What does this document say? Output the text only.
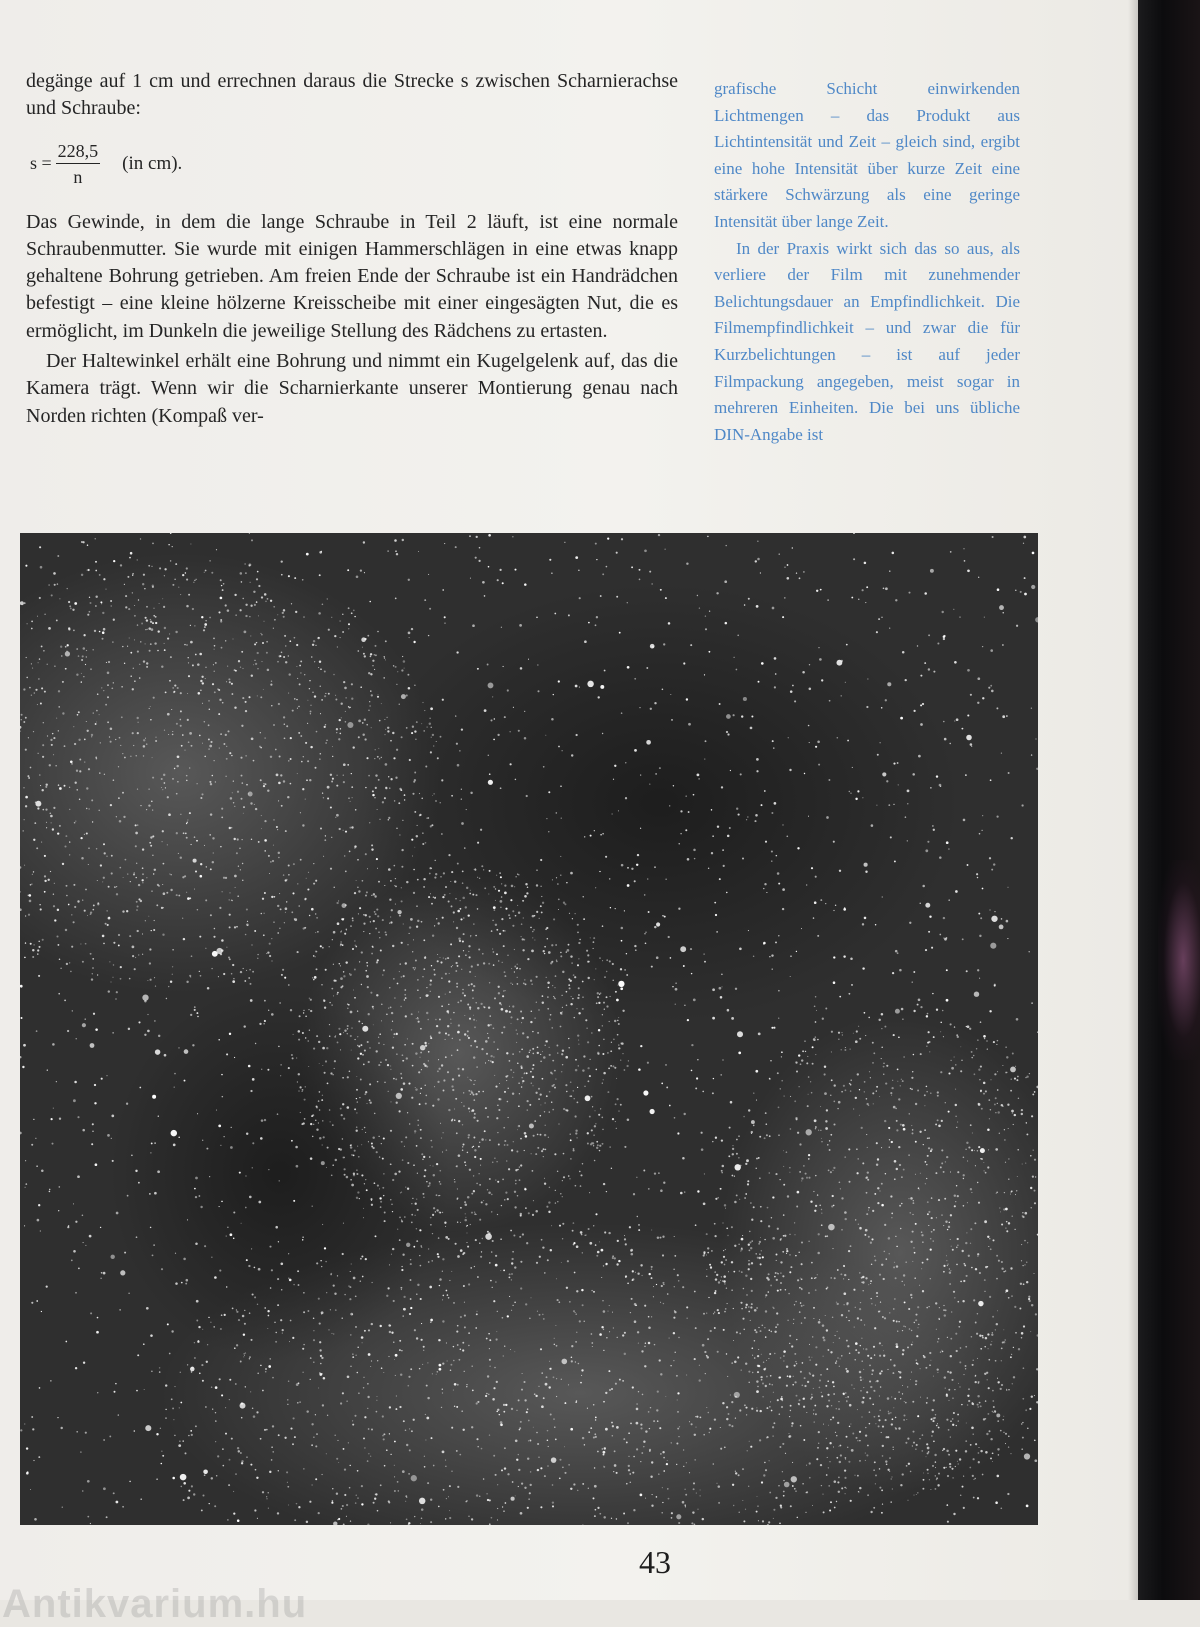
degänge auf 1 cm und errechnen daraus die Strecke s zwischen Scharnierachse und Schraube:

$s = \frac{228,5}{n} (in$ cm).

Das Gewinde, in dem die lange Schraube in Teil 2 läuft, ist eine normale Schraubenmutter. Sie wurde mit einigen Hammerschlägen in eine etwas knapp gehaltene Bohrung getrieben. Am freien Ende der Schraube ist ein Handrädchen befestigt – eine kleine hölzerne Kreisscheibe mit einer eingesägten Nut, die es ermöglicht, im Dunkeln die jeweilige Stellung des Rädchens zu ertasten.

Der Haltewinkel erhält eine Bohrung und nimmt ein Kugelgelenk auf, das die Kamera trägt. Wenn wir die Scharnierkante unserer Montierung genau nach Norden richten (Kompaß ver-

grafische Schicht einwirkenden Lichtmengen – das Produkt aus Lichtintensität und Zeit – gleich sind, ergibt eine hohe Intensität über kurze Zeit eine stärkere Schwärzung als eine geringe Intensität über lange Zeit.

In der Praxis wirkt sich das so aus, als verliere der Film mit zunehmender Belichtungsdauer an Empfindlichkeit. Die Filmempfindlichkeit – und zwar die für Kurzbelichtungen – ist auf jeder Filmpackung angegeben, meist sogar in mehreren Einheiten. Die bei uns übliche DIN-Angabe ist

43
Antikvarium.hu
